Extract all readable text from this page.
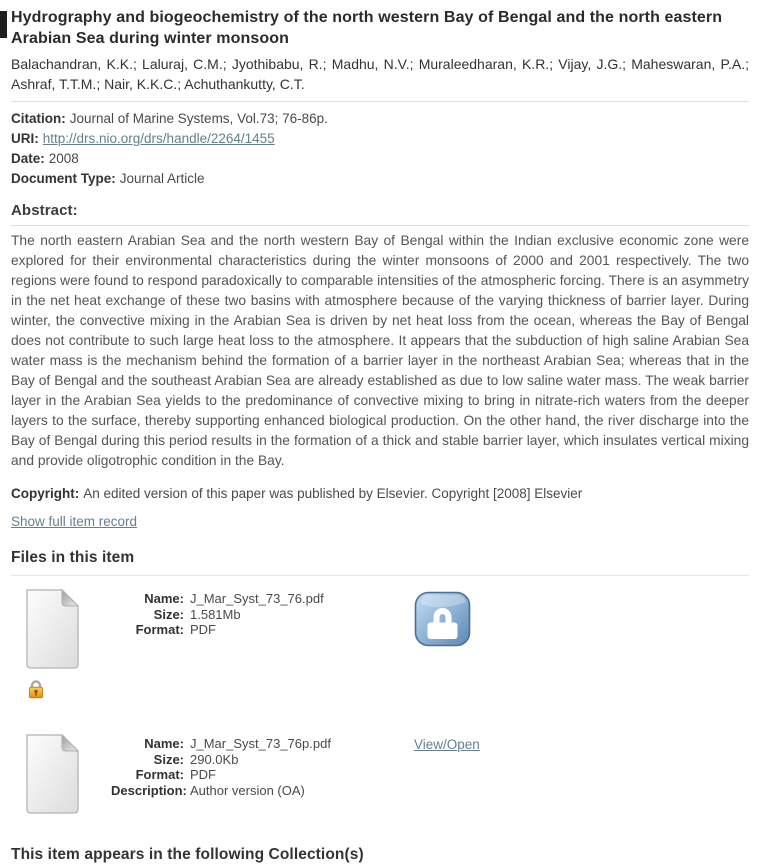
Hydrography and biogeochemistry of the north western Bay of Bengal and the north eastern Arabian Sea during winter monsoon

Balachandran, K.K.; Laluraj, C.M.; Jyothibabu, R.; Madhu, N.V.; Muraleedharan, K.R.; Vijay, J.G.; Maheswaran, P.A.; Ashraf, T.T.M.; Nair, K.K.C.; Achuthankutty, C.T.

Citation: Journal of Marine Systems, Vol.73; 76-86p.
URI: http://drs.nio.org/drs/handle/2264/1455
Date: 2008
Document Type: Journal Article
Abstract:

The north eastern Arabian Sea and the north western Bay of Bengal within the Indian exclusive economic zone were explored for their environmental characteristics during the winter monsoons of 2000 and 2001 respectively. The two regions were found to respond paradoxically to comparable intensities of the atmospheric forcing. There is an asymmetry in the net heat exchange of these two basins with atmosphere because of the varying thickness of barrier layer. During winter, the convective mixing in the Arabian Sea is driven by net heat loss from the ocean, whereas the Bay of Bengal does not contribute to such large heat loss to the atmosphere. It appears that the subduction of high saline Arabian Sea water mass is the mechanism behind the formation of a barrier layer in the northeast Arabian Sea; whereas that in the Bay of Bengal and the southeast Arabian Sea are already established as due to low saline water mass. The weak barrier layer in the Arabian Sea yields to the predominance of convective mixing to bring in nitrate-rich waters from the deeper layers to the surface, thereby supporting enhanced biological production. On the other hand, the river discharge into the Bay of Bengal during this period results in the formation of a thick and stable barrier layer, which insulates vertical mixing and provide oligotrophic condition in the Bay.

Copyright: An edited version of this paper was published by Elsevier. Copyright [2008] Elsevier
Show full item record
Files in this item
Name: J_Mar_Syst_73_76.pdf
Size: 1.581Mb
Format: PDF
Name: J_Mar_Syst_73_76p.pdf
Size: 290.0Kb
Format: PDF
Description: Author version (OA)
View/Open
This item appears in the following Collection(s)
